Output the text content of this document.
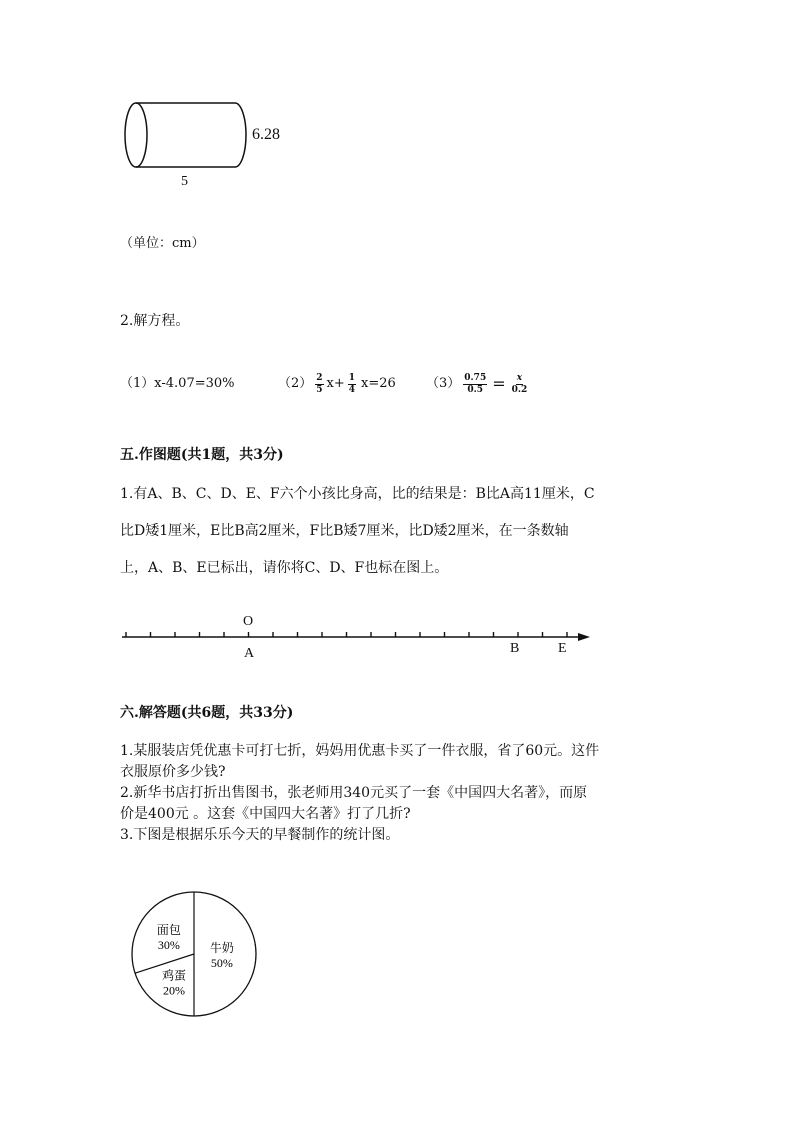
6.28
5
（单位：cm）
2.解方程。
（1）x-4.07=30%	$(2) \frac{2}{5} x+ \frac{1}{4} x=26$ $(3) \frac{0.75}{0.5} = \frac{x}{0.2}$
五.作图题(共1题，共3分)
1.有A、B、C、D、E、F六个小孩比身高，比的结果是：B比A高11厘米，C
比D矮1厘米，E比B高2厘米，F比B矮7厘米，比D矮2厘米，在一条数轴
上，A、B、E已标出，请你将C、D、F也标在图上。
O
A	B	E
六.解答题(共6题，共33分)
1.某服装店凭优惠卡可打七折，妈妈用优惠卡买了一件衣服，省了60元。这件
衣服原价多少钱?
2.新华书店打折出售图书，张老师用340元买了一套《中国四大名著》，而原
价是400元 。这套《中国四大名著》打了几折?
3.下图是根据乐乐今天的早餐制作的统计图。
牛奶
50%
鸡蛋
20%
面包
30%
